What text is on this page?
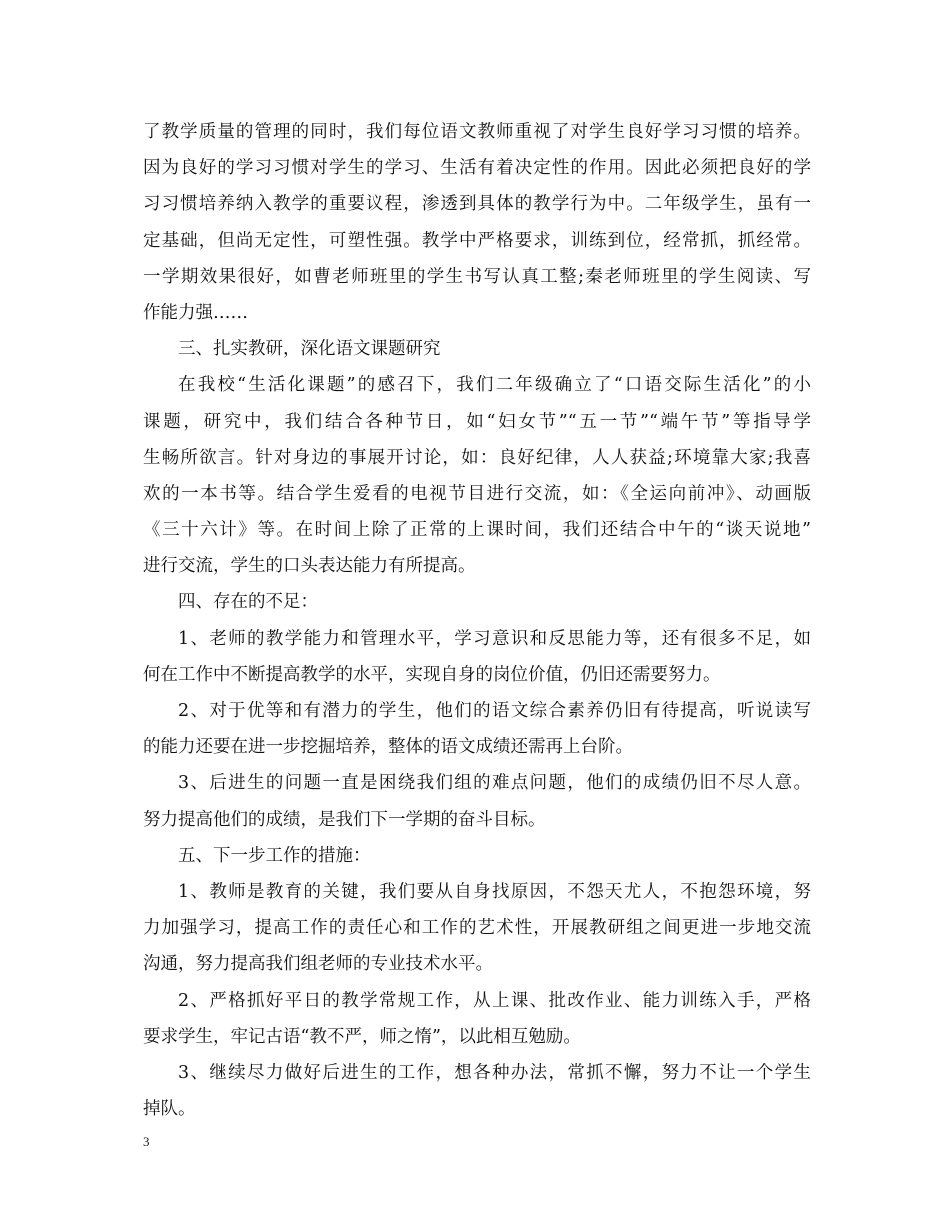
了教学质量的管理的同时，我们每位语文教师重视了对学生良好学习习惯的培养。
因为良好的学习习惯对学生的学习、生活有着决定性的作用。因此必须把良好的学
习习惯培养纳入教学的重要议程，渗透到具体的教学行为中。二年级学生，虽有一
定基础，但尚无定性，可塑性强。教学中严格要求，训练到位，经常抓，抓经常。
一学期效果很好，如曹老师班里的学生书写认真工整;秦老师班里的学生阅读、写
作能力强……
三、扎实教研，深化语文课题研究
在我校“生活化课题”的感召下，我们二年级确立了“口语交际生活化”的小
课题，研究中，我们结合各种节日，如“妇女节”“五一节”“端午节”等指导学
生畅所欲言。针对身边的事展开讨论，如：良好纪律，人人获益;环境靠大家;我喜
欢的一本书等。结合学生爱看的电视节目进行交流，如：《全运向前冲》、动画版
《三十六计》等。在时间上除了正常的上课时间，我们还结合中午的“谈天说地”
进行交流，学生的口头表达能力有所提高。
四、存在的不足：
1、老师的教学能力和管理水平，学习意识和反思能力等，还有很多不足，如
何在工作中不断提高教学的水平，实现自身的岗位价值，仍旧还需要努力。
2、对于优等和有潜力的学生，他们的语文综合素养仍旧有待提高，听说读写
的能力还要在进一步挖掘培养，整体的语文成绩还需再上台阶。
3、后进生的问题一直是困绕我们组的难点问题，他们的成绩仍旧不尽人意。
努力提高他们的成绩，是我们下一学期的奋斗目标。
五、下一步工作的措施：
1、教师是教育的关键，我们要从自身找原因，不怨天尤人，不抱怨环境，努
力加强学习，提高工作的责任心和工作的艺术性，开展教研组之间更进一步地交流
沟通，努力提高我们组老师的专业技术水平。
2、严格抓好平日的教学常规工作，从上课、批改作业、能力训练入手，严格
要求学生，牢记古语“教不严，师之惰”，以此相互勉励。
3、继续尽力做好后进生的工作，想各种办法，常抓不懈，努力不让一个学生
掉队。
3
